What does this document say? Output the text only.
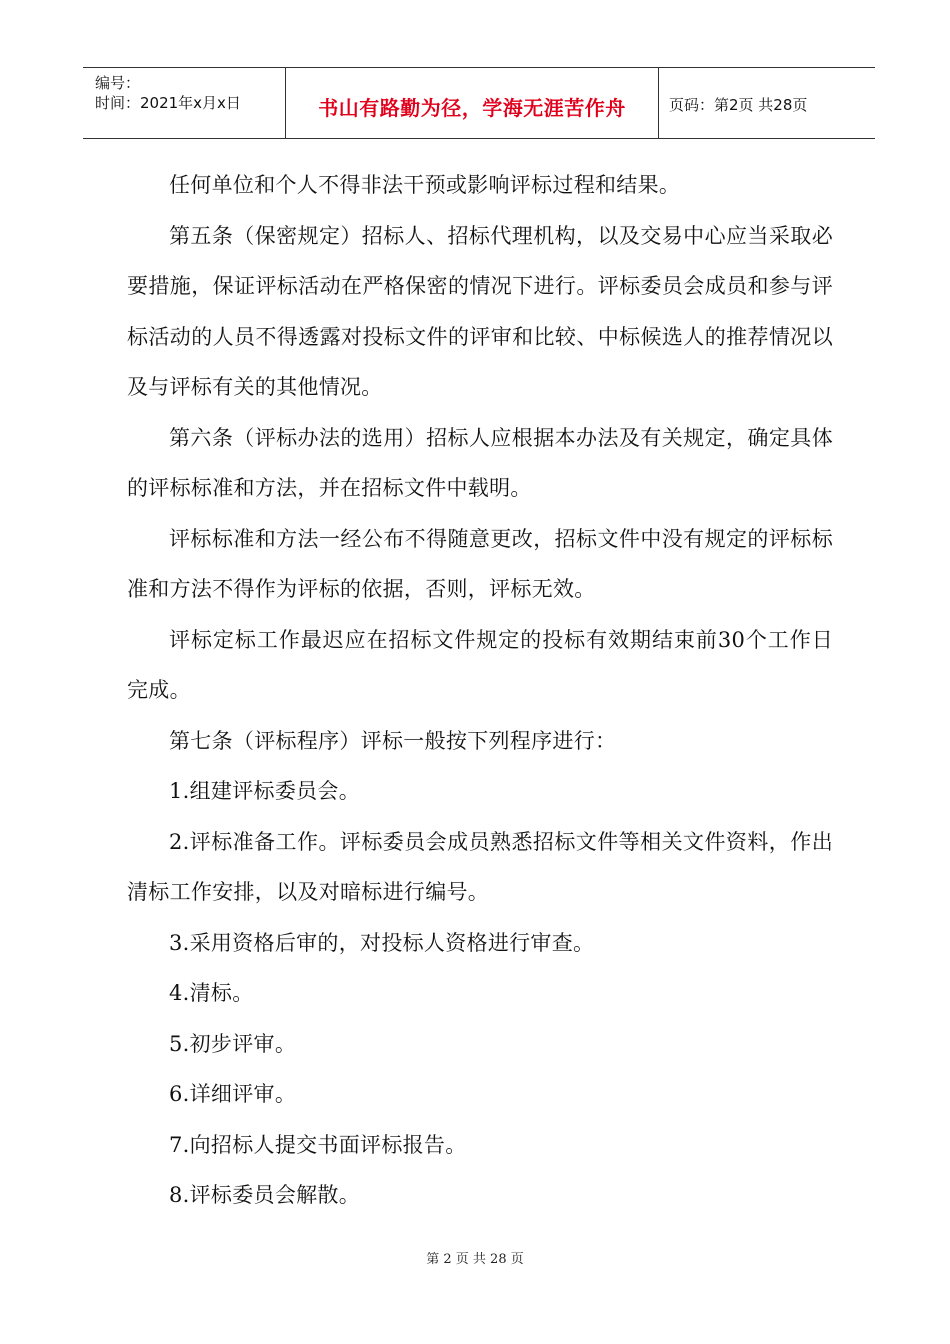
编号：
时间：2021年x月x日	书山有路勤为径，学海无涯苦作舟	页码：第2页 共28页

任何单位和个人不得非法干预或影响评标过程和结果。

第五条（保密规定）招标人、招标代理机构，以及交易中心应当采取必要措施，保证评标活动在严格保密的情况下进行。评标委员会成员和参与评标活动的人员不得透露对投标文件的评审和比较、中标候选人的推荐情况以及与评标有关的其他情况。

第六条（评标办法的选用）招标人应根据本办法及有关规定，确定具体的评标标准和方法，并在招标文件中载明。

评标标准和方法一经公布不得随意更改，招标文件中没有规定的评标标准和方法不得作为评标的依据，否则，评标无效。

评标定标工作最迟应在招标文件规定的投标有效期结束前30个工作日完成。

第七条（评标程序）评标一般按下列程序进行：

1.组建评标委员会。

2.评标准备工作。评标委员会成员熟悉招标文件等相关文件资料，作出清标工作安排，以及对暗标进行编号。

3.采用资格后审的，对投标人资格进行审查。

4.清标。

5.初步评审。

6.详细评审。

7.向招标人提交书面评标报告。

8.评标委员会解散。

第 2 页 共 28 页
